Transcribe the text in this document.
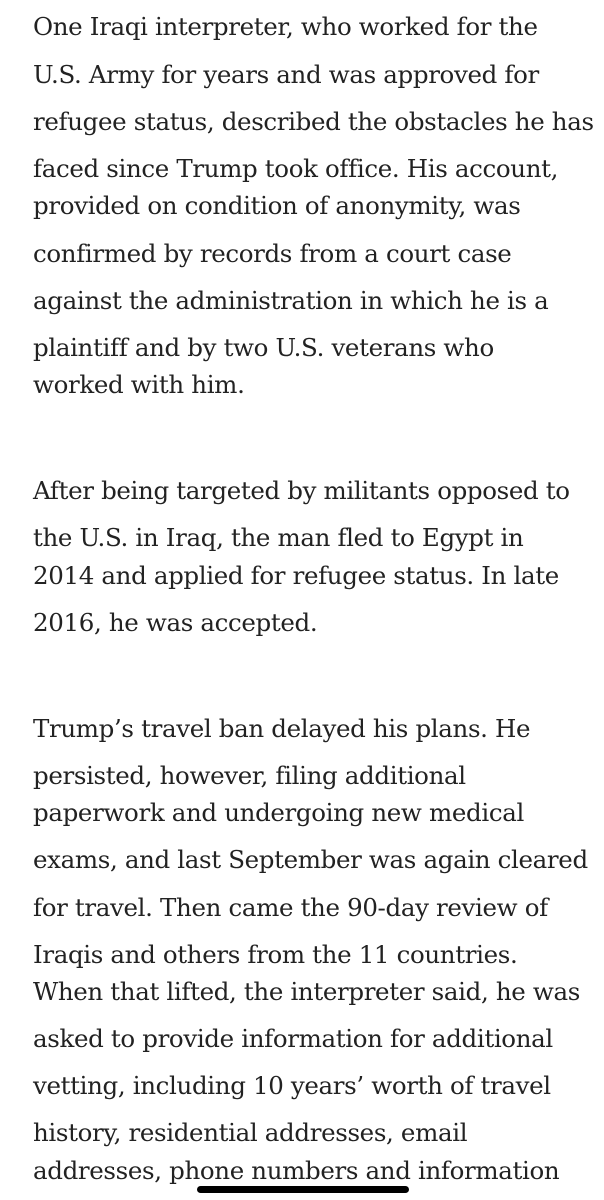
One Iraqi interpreter, who worked for the
U.S. Army for years and was approved for
refugee status, described the obstacles he has
faced since Trump took office. His account,
provided on condition of anonymity, was
confirmed by records from a court case
against the administration in which he is a
plaintiff and by two U.S. veterans who
worked with him.
After being targeted by militants opposed to
the U.S. in Iraq, the man fled to Egypt in
2014 and applied for refugee status. In late
2016, he was accepted.
Trump’s travel ban delayed his plans. He
persisted, however, filing additional
paperwork and undergoing new medical
exams, and last September was again cleared
for travel. Then came the 90-day review of
Iraqis and others from the 11 countries.
When that lifted, the interpreter said, he was
asked to provide information for additional
vetting, including 10 years’ worth of travel
history, residential addresses, email
addresses, phone numbers and information
